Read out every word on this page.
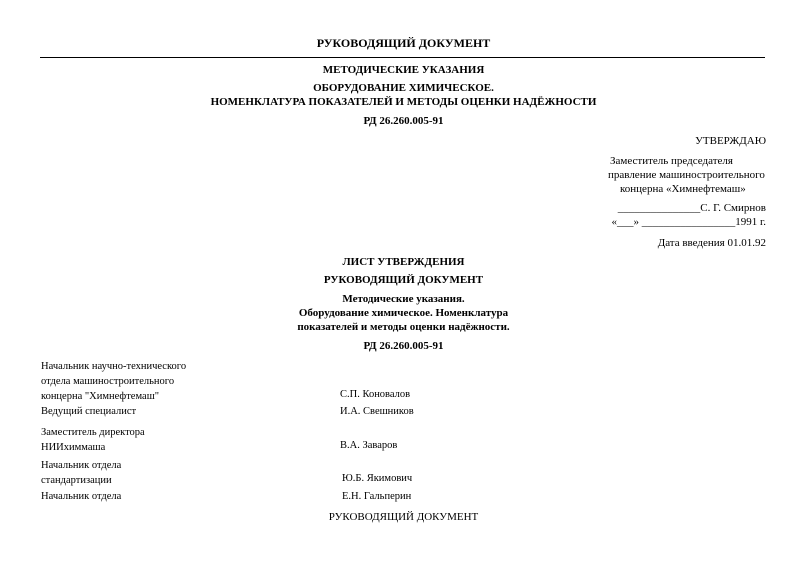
РУКОВОДЯЩИЙ ДОКУМЕНТ
МЕТОДИЧЕСКИЕ УКАЗАНИЯ
ОБОРУДОВАНИЕ ХИМИЧЕСКОЕ.
НОМЕНКЛАТУРА ПОКАЗАТЕЛЕЙ И МЕТОДЫ ОЦЕНКИ НАДЁЖНОСТИ
РД 26.260.005-91
УТВЕРЖДАЮ
Заместитель председателя
правление машиностроительного
концерна «Химнефтемаш»
_______________С. Г. Смирнов
«___» _________________1991 г.
Дата введения 01.01.92
ЛИСТ УТВЕРЖДЕНИЯ
РУКОВОДЯЩИЙ ДОКУМЕНТ
Методические указания.
Оборудование химическое. Номенклатура
показателей и методы оценки надёжности.
РД 26.260.005-91
Начальник научно-технического
отдела машиностроительного
концерна "Химнефтемаш"	С.П. Коновалов
Ведущий специалист	И.А. Свешников
Заместитель директора
НИИхиммаша	В.А. Заваров
Начальник отдела
стандартизации	Ю.Б. Якимович
Начальник отдела	Е.Н. Гальперин
РУКОВОДЯЩИЙ ДОКУМЕНТ
